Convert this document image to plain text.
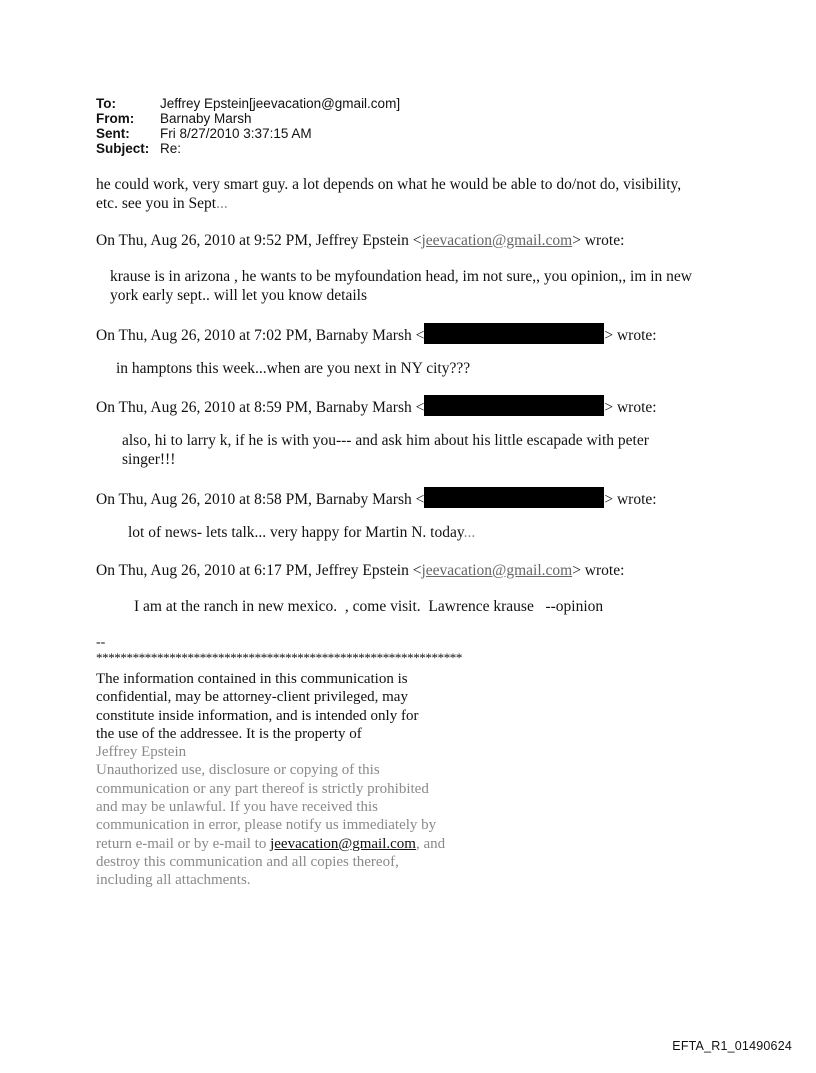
To:	Jeffrey Epstein[jeevacation@gmail.com]
From:	Barnaby Marsh
Sent:	Fri 8/27/2010 3:37:15 AM
Subject: Re:
he could work, very smart guy. a lot depends on what he would be able to do/not do, visibility,
etc. see you in Sept...
On Thu, Aug 26, 2010 at 9:52 PM, Jeffrey Epstein <jeevacation@gmail.com> wrote:
krause is in arizona , he wants to be myfoundation head, im not sure,, you opinion,, im in new
york early sept.. will let you know details
On Thu, Aug 26, 2010 at 7:02 PM, Barnaby Marsh <	> wrote:
in hamptons this week...when are you next in NY city???
On Thu, Aug 26, 2010 at 8:59 PM, Barnaby Marsh <	> wrote:
also, hi to larry k, if he is with you--- and ask him about his little escapade with peter
singer!!!
On Thu, Aug 26, 2010 at 8:58 PM, Barnaby Marsh <	> wrote:
lot of news- lets talk... very happy for Martin N. today...
On Thu, Aug 26, 2010 at 6:17 PM, Jeffrey Epstein <jeevacation@gmail.com> wrote:
I am at the ranch in new mexico.  , come visit.  Lawrence krause   --opinion
--
************************************************************
The information contained in this communication is
confidential, may be attorney-client privileged, may
constitute inside information, and is intended only for
the use of the addressee. It is the property of
Jeffrey Epstein
Unauthorized use, disclosure or copying of this
communication or any part thereof is strictly prohibited
and may be unlawful. If you have received this
communication in error, please notify us immediately by
return e-mail or by e-mail to jeevacation@gmail.com, and
destroy this communication and all copies thereof,
including all attachments.
EFTA_R1_01490624
